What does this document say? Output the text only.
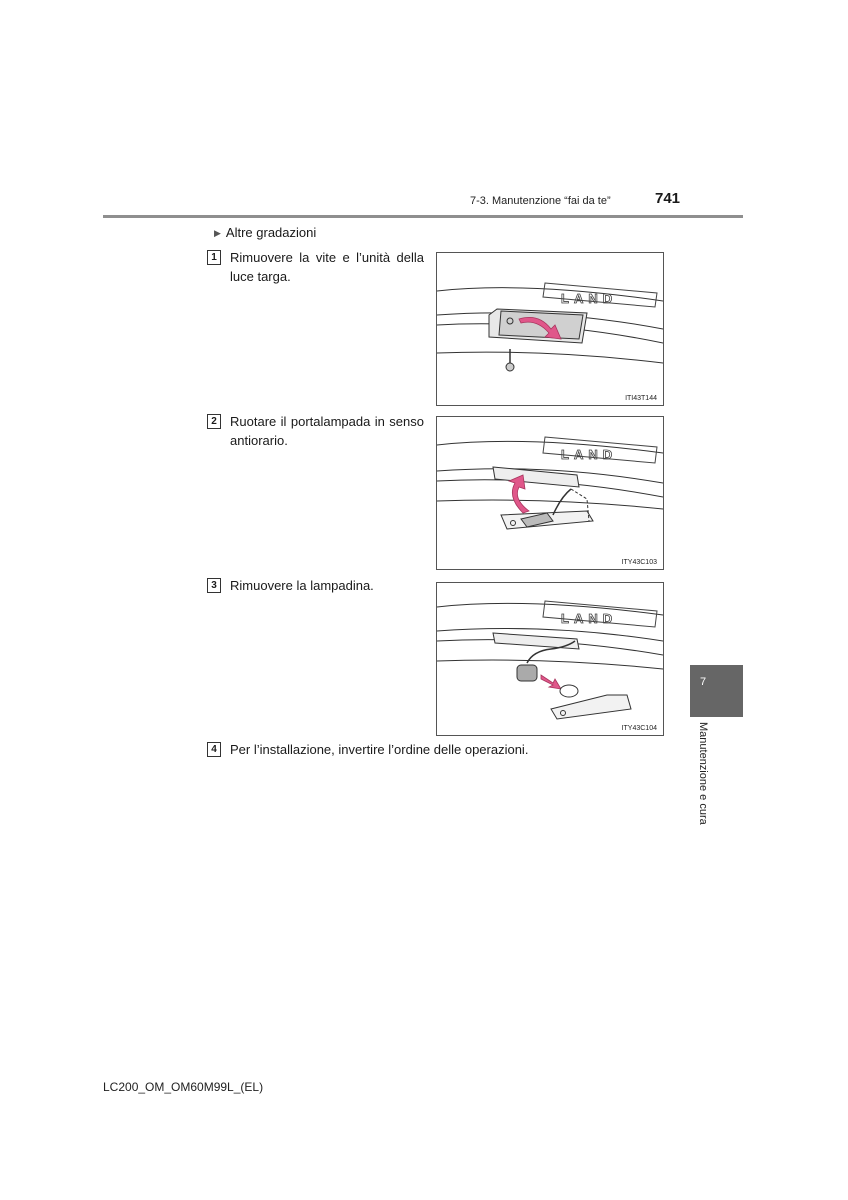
7-3. Manutenzione “fai da te”	741
▶ Altre gradazioni
1	Rimuovere la vite e l’unità della luce targa.
LAND
ITI43T144
2	Ruotare il portalampada in senso antiorario.
LAND
ITY43C103
3	Rimuovere la lampadina.
LAND
ITY43C104
4	Per l’installazione, invertire l’ordine delle operazioni.
7
Manutenzione e cura
LC200_OM_OM60M99L_(EL)
